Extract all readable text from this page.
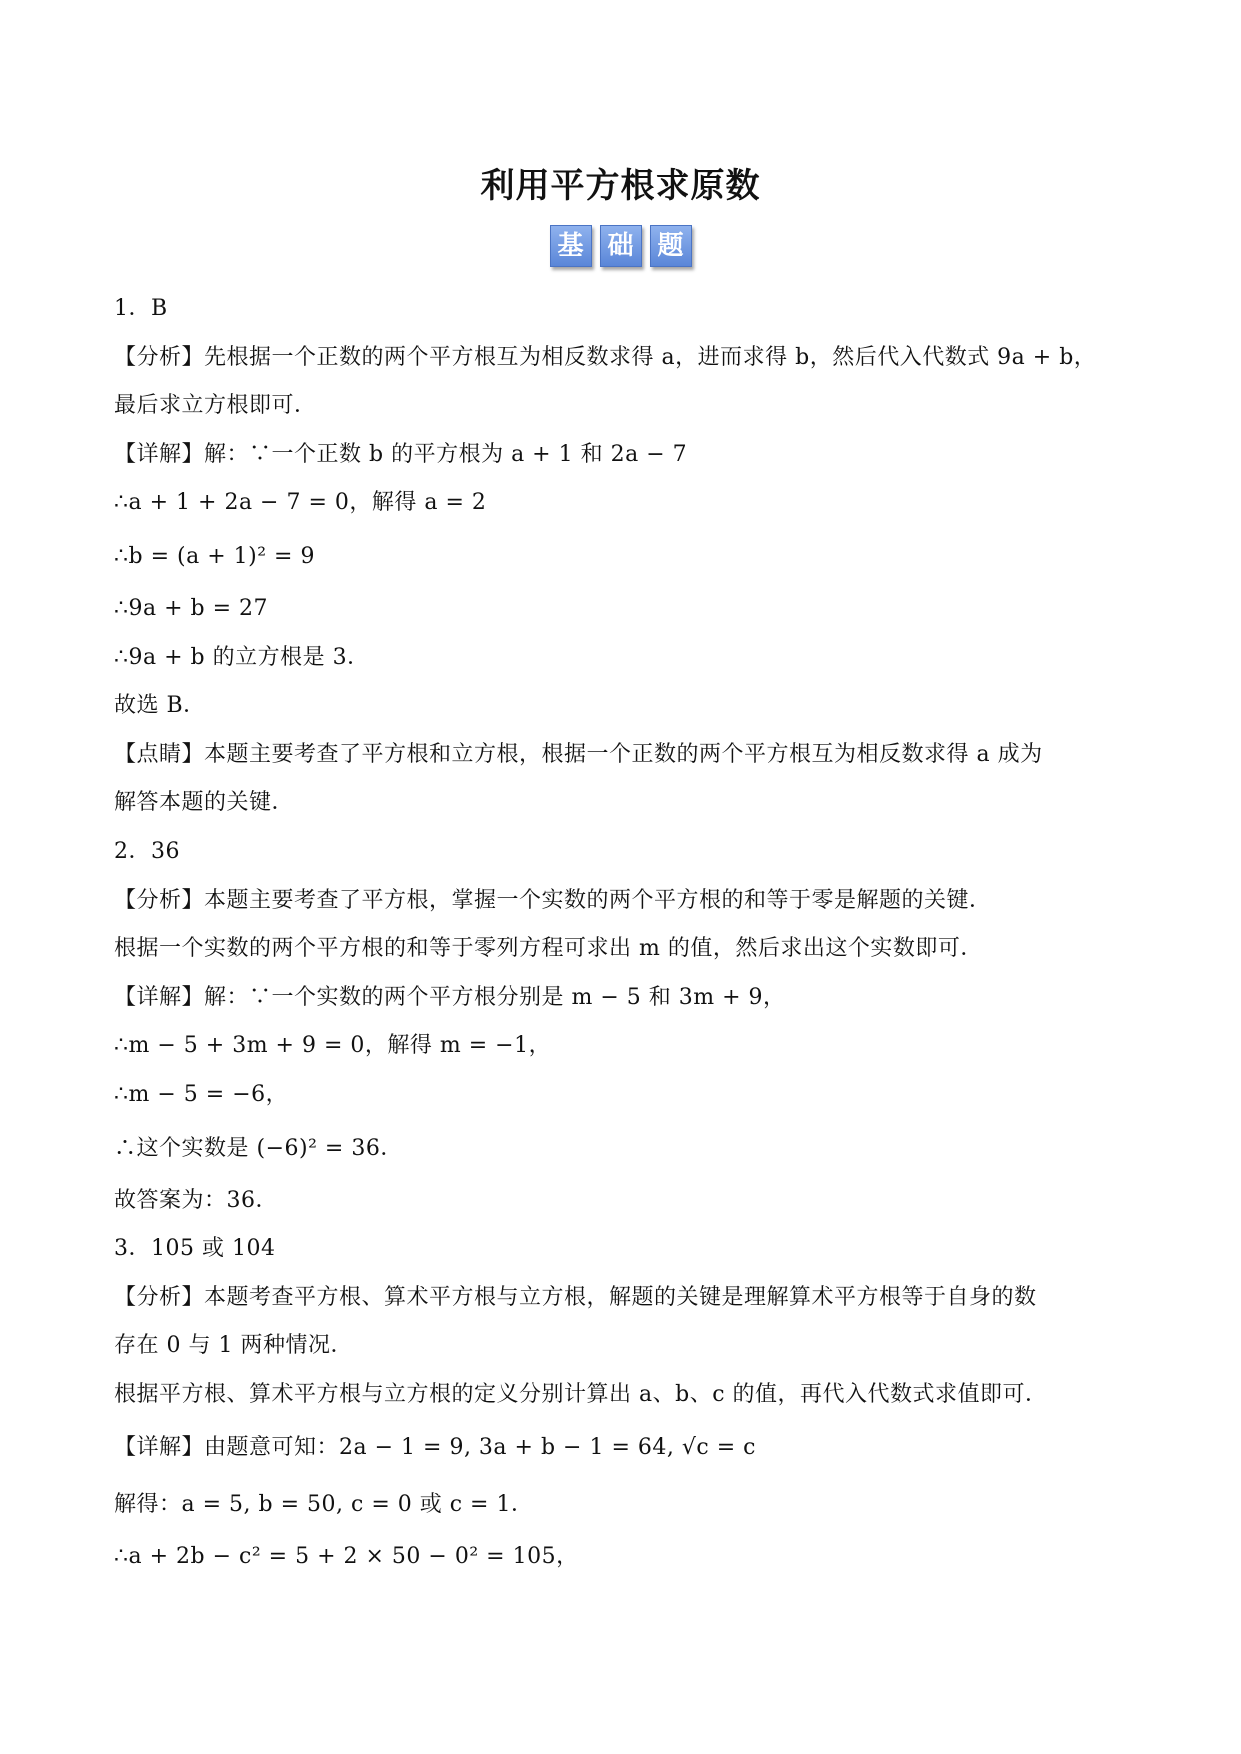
利用平方根求原数
基 础 题
1．B
【分析】先根据一个正数的两个平方根互为相反数求得 a，进而求得 b，然后代入代数式 9a + b，
最后求立方根即可．
【详解】解：∵一个正数 b 的平方根为 a + 1 和 2a − 7
∴a + 1 + 2a − 7 = 0，解得 a = 2
∴b = (a + 1)² = 9
∴9a + b = 27
∴9a + b 的立方根是 3．
故选 B．
【点睛】本题主要考查了平方根和立方根，根据一个正数的两个平方根互为相反数求得 a 成为
解答本题的关键．
2．36
【分析】本题主要考查了平方根，掌握一个实数的两个平方根的和等于零是解题的关键．
根据一个实数的两个平方根的和等于零列方程可求出 m 的值，然后求出这个实数即可．
【详解】解：∵一个实数的两个平方根分别是 m − 5 和 3m + 9，
∴m − 5 + 3m + 9 = 0，解得 m = −1，
∴m − 5 = −6，
∴这个实数是 (−6)² = 36．
故答案为：36．
3．105 或 104
【分析】本题考查平方根、算术平方根与立方根，解题的关键是理解算术平方根等于自身的数
存在 0 与 1 两种情况．
根据平方根、算术平方根与立方根的定义分别计算出 a、b、c 的值，再代入代数式求值即可．
【详解】由题意可知：2a − 1 = 9, 3a + b − 1 = 64, √c = c
解得：a = 5, b = 50, c = 0 或 c = 1．
∴a + 2b − c² = 5 + 2 × 50 − 0² = 105，
